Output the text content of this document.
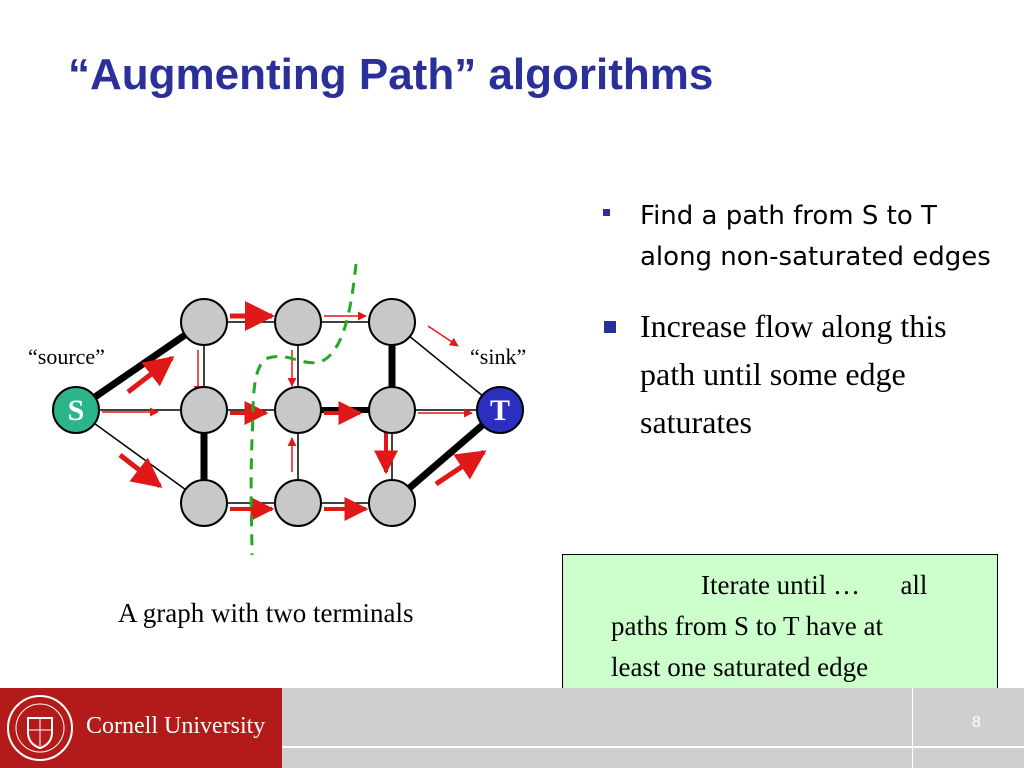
“Augmenting Path” algorithms
S	T
“source”	“sink”
A graph with two terminals
Find a path from S to T along non-saturated edges
Increase flow along this path until some edge saturates
Iterate until …      all
paths from S to T have at
least one saturated edge
Cornell University	8
